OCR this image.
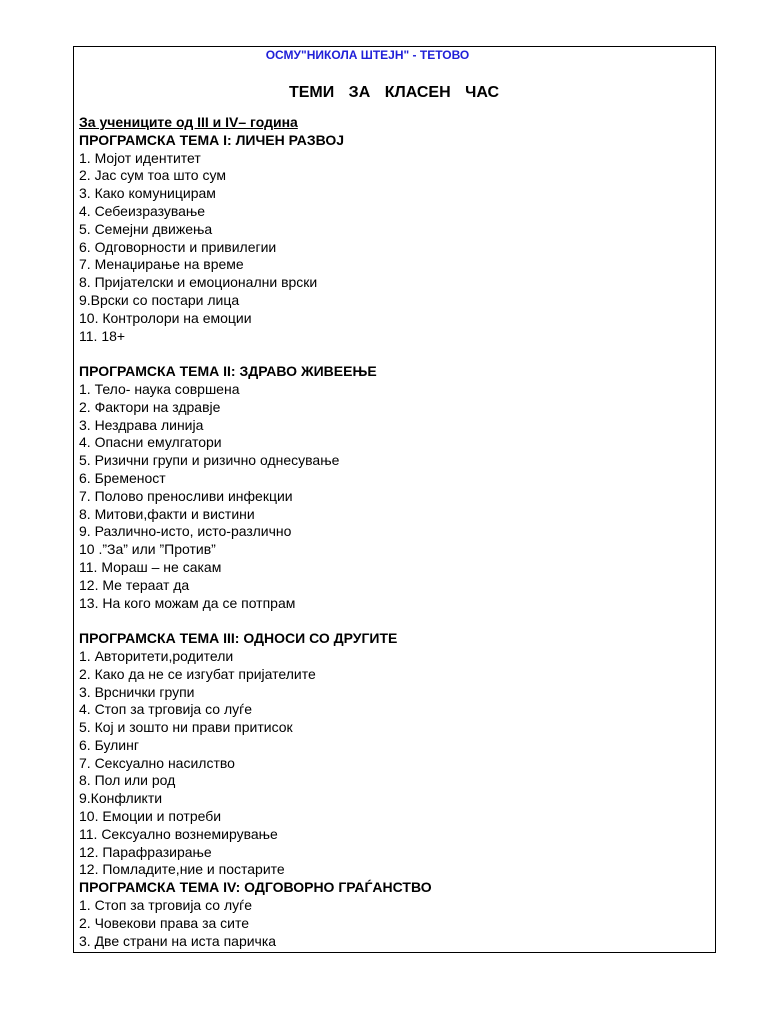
ОСМУ"НИКОЛА ШТЕЈН" - ТЕТОВО
ТЕМИ ЗА КЛАСЕН ЧАС
За учениците од III и IV– година
ПРОГРАМСКА ТЕМА I: ЛИЧЕН РАЗВОЈ
1. Мојот идентитет
2. Јас сум тоа што сум
3. Како комуницирам
4. Себеизразување
5. Семејни движења
6. Одговорности и привилегии
7. Менаџирање на време
8. Пријателски и емоционални врски
9.Врски со постари лица
10. Контролори на емоции
11. 18+
ПРОГРАМСКА ТЕМА II: ЗДРАВО ЖИВЕЕЊЕ
1. Тело- наука совршена
2. Фактори на здравје
3. Нездрава линија
4. Опасни емулгатори
5. Ризични групи и ризично однесување
6. Бременост
7. Полово преносливи инфекции
8. Митови,факти и вистини
9. Различно-исто, исто-различно
10 .”За” или ”Против”
11. Мораш – не сакам
12. Ме тераат да
13. На кого можам да се потпрам
ПРОГРАМСКА ТЕМА III: ОДНОСИ СО ДРУГИТЕ
1. Авторитети,родители
2. Како да не се изгубат пријателите
3. Врснички групи
4. Стоп за трговија со луѓе
5. Кој и зошто ни прави притисок
6. Булинг
7. Сексуално насилство
8. Пол или род
9.Конфликти
10. Емоции и потреби
11. Сексуално вознемирување
12. Парафразирање
12. Помладите,ние и постарите
ПРОГРАМСКА ТЕМА IV: ОДГОВОРНО ГРАЃАНСТВО
1. Стоп за трговија со луѓе
2. Човекови права за сите
3. Две страни на иста паричка
